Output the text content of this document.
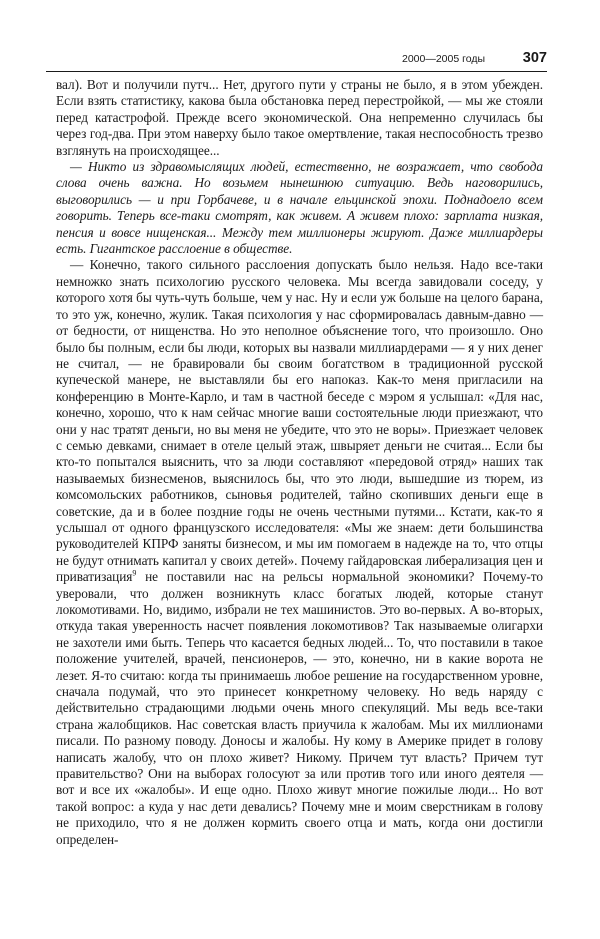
2000—2005 годы	307

вал). Вот и получили путч... Нет, другого пути у страны не было, я в этом убежден. Если взять статистику, какова была обстановка перед перестройкой, — мы же стояли перед катастрофой. Прежде всего экономической. Она непременно случилась бы через год-два. При этом наверху было такое омертвление, такая неспособность трезво взглянуть на происходящее...

— Никто из здравомыслящих людей, естественно, не возражает, что свобода слова очень важна. Но возьмем нынешнюю ситуацию. Ведь наговорились, выговорились — и при Горбачеве, и в начале ельцинской эпохи. Поднадоело всем говорить. Теперь все-таки смотрят, как живем. А живем плохо: зарплата низкая, пенсия и вовсе нищенская... Между тем миллионеры жируют. Даже миллиардеры есть. Гигантское расслоение в обществе.

— Конечно, такого сильного расслоения допускать было нельзя. Надо все-таки немножко знать психологию русского человека. Мы всегда завидовали соседу, у которого хотя бы чуть-чуть больше, чем у нас. Ну и если уж больше на целого барана, то это уж, конечно, жулик. Такая психология у нас сформировалась давным-давно — от бедности, от нищенства. Но это неполное объяснение того, что произошло. Оно было бы полным, если бы люди, которых вы назвали миллиардерами — я у них денег не считал, — не бравировали бы своим богатством в традиционной русской купеческой манере, не выставляли бы его напоказ. Как-то меня пригласили на конференцию в Монте-Карло, и там в частной беседе с мэром я услышал: «Для нас, конечно, хорошо, что к нам сейчас многие ваши состоятельные люди приезжают, что они у нас тратят деньги, но вы меня не убедите, что это не воры». Приезжает человек с семью девками, снимает в отеле целый этаж, швыряет деньги не считая... Если бы кто-то попытался выяснить, что за люди составляют «передовой отряд» наших так называемых бизнесменов, выяснилось бы, что это люди, вышедшие из тюрем, из комсомольских работников, сыновья родителей, тайно скопивших деньги еще в советские, да и в более поздние годы не очень честными путями... Кстати, как-то я услышал от одного французского исследователя: «Мы же знаем: дети большинства руководителей КПРФ заняты бизнесом, и мы им помогаем в надежде на то, что отцы не будут отнимать капитал у своих детей». Почему гайдаровская либерализация цен и приватизация$^9$ не поставили нас на рельсы нормальной экономики? Почему-то уверовали, что должен возникнуть класс богатых людей, которые станут локомотивами. Но, видимо, избрали не тех машинистов. Это во-первых. А во-вторых, откуда такая уверенность насчет появления локомотивов? Так называемые олигархи не захотели ими быть. Теперь что касается бедных людей... То, что поставили в такое положение учителей, врачей, пенсионеров, — это, конечно, ни в какие ворота не лезет. Я-то считаю: когда ты принимаешь любое решение на государственном уровне, сначала подумай, что это принесет конкретному человеку. Но ведь наряду с действительно страдающими людьми очень много спекуляций. Мы ведь все-таки страна жалобщиков. Нас советская власть приучила к жалобам. Мы их миллионами писали. По разному поводу. Доносы и жалобы. Ну кому в Америке придет в голову написать жалобу, что он плохо живет? Никому. Причем тут власть? Причем тут правительство? Они на выборах голосуют за или против того или иного деятеля — вот и все их «жалобы». И еще одно. Плохо живут многие пожилые люди... Но вот такой вопрос: а куда у нас дети девались? Почему мне и моим сверстникам в голову не приходило, что я не должен кормить своего отца и мать, когда они достигли определен-
